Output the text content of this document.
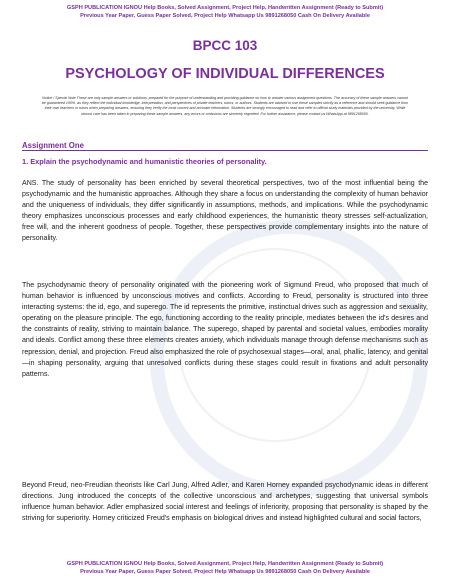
GSPH PUBLICATION IGNOU Help Books, Solved Assignment, Project Help, Handwritten Assignment (Ready to Submit)
Previous Year Paper, Guess Paper Solved, Project Help Whatsapp Us 9891268050 Cash On Delivery Available
BPCC 103
PSYCHOLOGY OF INDIVIDUAL DIFFERENCES
Notice / Special Note These are only sample answers or solutions, prepared for the purpose of understanding and providing guidance on how to answer various assignment questions. The accuracy of these sample answers cannot be guaranteed 100%, as they reflect the individual knowledge, interpretation, and perspectives of private teachers, tutors, or authors. Students are advised to use these samples strictly as a reference and should seek guidance from their own teachers or tutors when preparing answers, ensuring they verify the most current and accurate information. Students are strongly encouraged to read and refer to official study materials provided by the university. While utmost care has been taken in preparing these sample answers, any errors or omissions are sincerely regretted. For further assistance, please contact us WhatsApp at 9891268050.
Assignment One
1. Explain the psychodynamic and humanistic theories of personality.

ANS. The study of personality has been enriched by several theoretical perspectives, two of the most influential being the psychodynamic and the humanistic approaches. Although they share a focus on understanding the complexity of human behavior and the uniqueness of individuals, they differ significantly in assumptions, methods, and implications. While the psychodynamic theory emphasizes unconscious processes and early childhood experiences, the humanistic theory stresses self-actualization, free will, and the inherent goodness of people. Together, these perspectives provide complementary insights into the nature of personality.

The psychodynamic theory of personality originated with the pioneering work of Sigmund Freud, who proposed that much of human behavior is influenced by unconscious motives and conflicts. According to Freud, personality is structured into three interacting systems: the id, ego, and superego. The id represents the primitive, instinctual drives such as aggression and sexuality, operating on the pleasure principle. The ego, functioning according to the reality principle, mediates between the id's desires and the constraints of reality, striving to maintain balance. The superego, shaped by parental and societal values, embodies morality and ideals. Conflict among these three elements creates anxiety, which individuals manage through defense mechanisms such as repression, denial, and projection. Freud also emphasized the role of psychosexual stages—oral, anal, phallic, latency, and genital—in shaping personality, arguing that unresolved conflicts during these stages could result in fixations and adult personality patterns.

Beyond Freud, neo-Freudian theorists like Carl Jung, Alfred Adler, and Karen Horney expanded psychodynamic ideas in different directions. Jung introduced the concepts of the collective unconscious and archetypes, suggesting that universal symbols influence human behavior. Adler emphasized social interest and feelings of inferiority, proposing that personality is shaped by the striving for superiority. Horney criticized Freud's emphasis on biological drives and instead highlighted cultural and social factors,

GSPH PUBLICATION IGNOU Help Books, Solved Assignment, Project Help, Handwritten Assignment (Ready to Submit)
Previous Year Paper, Guess Paper Solved, Project Help Whatsapp Us 9891268050 Cash On Delivery Available
